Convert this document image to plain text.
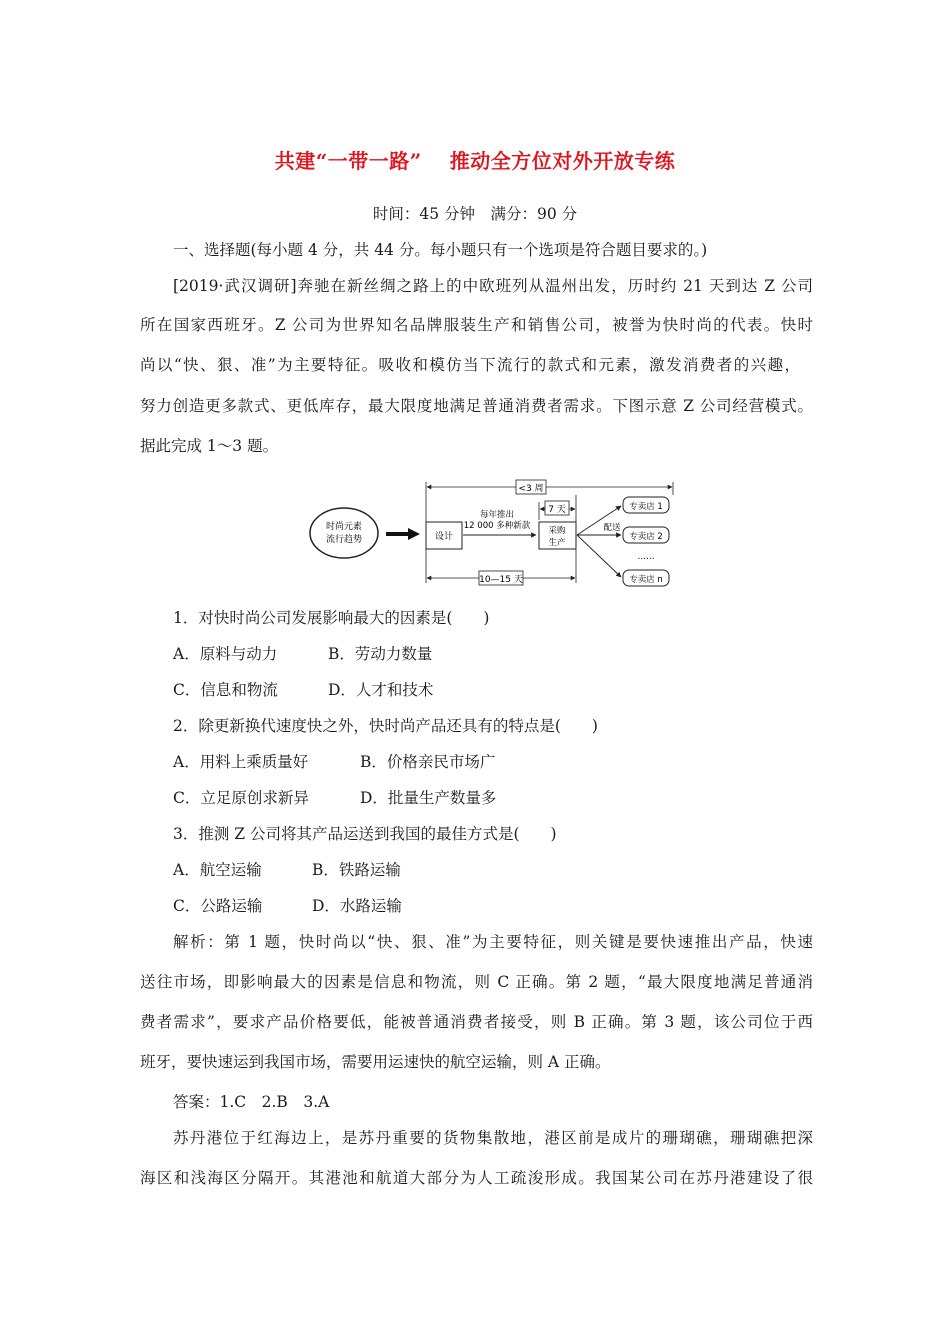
共建“一带一路” 推动全方位对外开放专练
时间：45 分钟　满分：90 分
一、选择题(每小题 4 分，共 44 分。每小题只有一个选项是符合题目要求的。)
[2019·武汉调研]奔驰在新丝绸之路上的中欧班列从温州出发，历时约 21 天到达 Z 公司
所在国家西班牙。Z 公司为世界知名品牌服装生产和销售公司，被誉为快时尚的代表。快时
尚以“快、狠、准”为主要特征。吸收和模仿当下流行的款式和元素，激发消费者的兴趣，
努力创造更多款式、更低库存，最大限度地满足普通消费者需求。下图示意 Z 公司经营模式。
据此完成 1～3 题。
时尚元素
流行趋势
<3 周
设计
每年推出
12 000 多种新款
7 天
采购
生产
配送
专卖店 1
专卖店 2
……
专卖店 n
10—15 天
1．对快时尚公司发展影响最大的因素是(　　)
A．原料与动力	B．劳动力数量
C．信息和物流	D．人才和技术
2．除更新换代速度快之外，快时尚产品还具有的特点是(　　)
A．用料上乘质量好	B．价格亲民市场广
C．立足原创求新异	D．批量生产数量多
3．推测 Z 公司将其产品运送到我国的最佳方式是(　　)
A．航空运输	B．铁路运输
C．公路运输	D．水路运输
解析：第 1 题，快时尚以“快、狠、准”为主要特征，则关键是要快速推出产品，快速
送往市场，即影响最大的因素是信息和物流，则 C 正确。第 2 题，“最大限度地满足普通消
费者需求”，要求产品价格要低，能被普通消费者接受，则 B 正确。第 3 题，该公司位于西
班牙，要快速运到我国市场，需要用运速快的航空运输，则 A 正确。
答案：1.C　2.B　3.A
苏丹港位于红海边上，是苏丹重要的货物集散地，港区前是成片的珊瑚礁，珊瑚礁把深
海区和浅海区分隔开。其港池和航道大部分为人工疏浚形成。我国某公司在苏丹港建设了很
